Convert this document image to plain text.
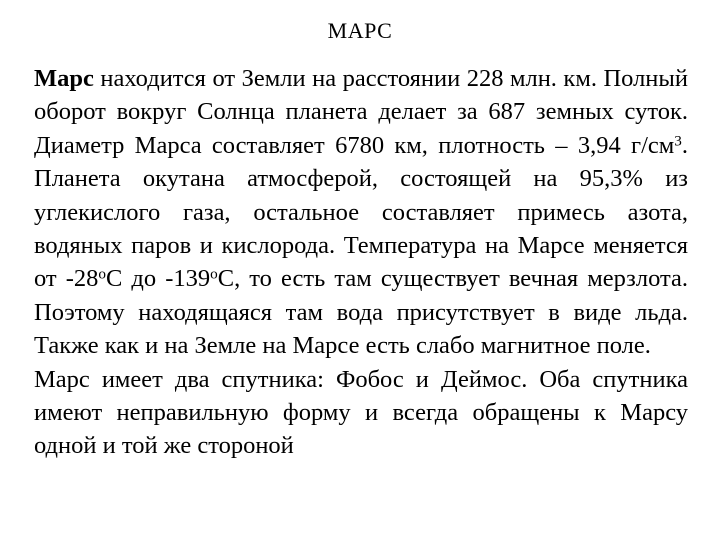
МАРС

Марс находится от Земли на расстоянии 228 млн. км. Полный оборот вокруг Солнца планета делает за 687 земных суток. Диаметр Марса составляет 6780 км, плотность – 3,94 $г/см^3$. Планета окутана атмосферой, состоящей на 95,3% из углекислого газа, остальное составляет примесь азота, водяных паров и кислорода. Температура на Марсе меняется от $-28^оС$ до $-139^оС$, то есть там существует вечная мерзлота. Поэтому находящаяся там вода присутствует в виде льда. Также как и на Земле на Марсе есть слабо магнитное поле.

Марс имеет два спутника: Фобос и Деймос. Оба спутника имеют неправильную форму и всегда обращены к Марсу одной и той же стороной
